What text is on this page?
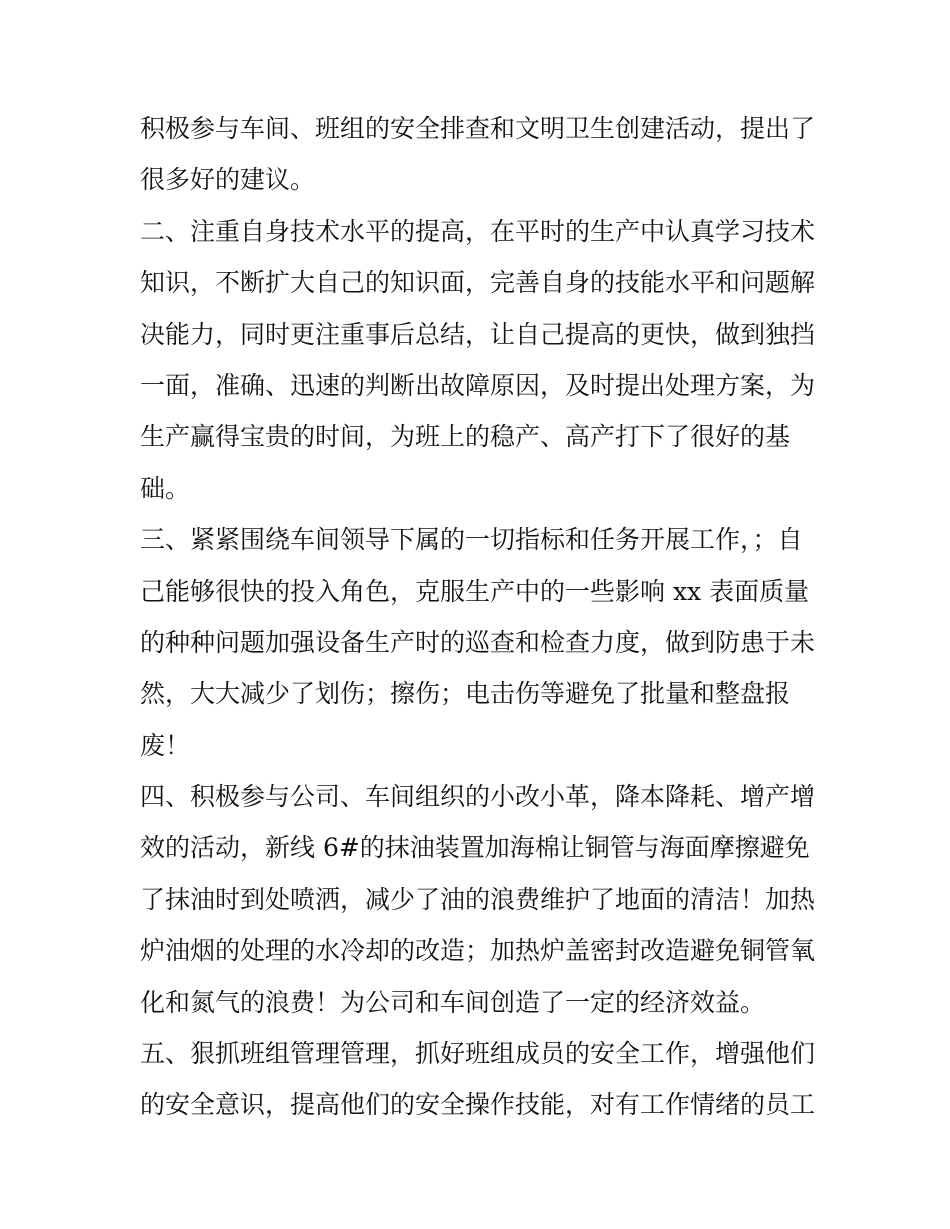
积极参与车间、班组的安全排查和文明卫生创建活动，提出了
很多好的建议。
二、注重自身技术水平的提高，在平时的生产中认真学习技术
知识，不断扩大自己的知识面，完善自身的技能水平和问题解
决能力，同时更注重事后总结，让自己提高的更快，做到独挡
一面，准确、迅速的判断出故障原因，及时提出处理方案，为
生产赢得宝贵的时间，为班上的稳产、高产打下了很好的基
础。
三、紧紧围绕车间领导下属的一切指标和任务开展工作，；自
己能够很快的投入角色，克服生产中的一些影响 xx 表面质量
的种种问题加强设备生产时的巡查和检查力度，做到防患于未
然，大大减少了划伤；擦伤；电击伤等避免了批量和整盘报
废！
四、积极参与公司、车间组织的小改小革，降本降耗、增产增
效的活动，新线 6#的抹油装置加海棉让铜管与海面摩擦避免
了抹油时到处喷洒，减少了油的浪费维护了地面的清洁！加热
炉油烟的处理的水冷却的改造；加热炉盖密封改造避免铜管氧
化和氮气的浪费！为公司和车间创造了一定的经济效益。
五、狠抓班组管理管理，抓好班组成员的安全工作，增强他们
的安全意识，提高他们的安全操作技能，对有工作情绪的员工
